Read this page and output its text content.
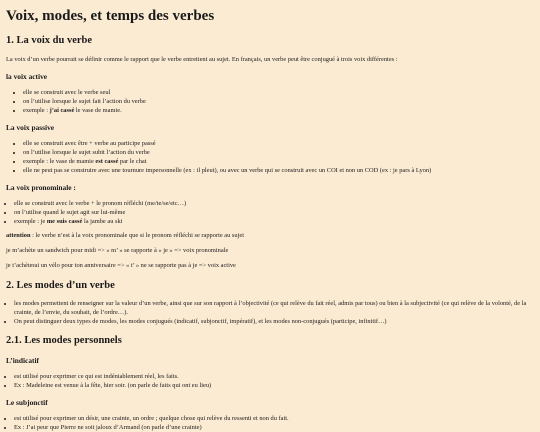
Voix, modes, et temps des verbes
1. La voix du verbe

La voix d’un verbe pourrait se définir comme le rapport que le verbe entretient au sujet. En français, un verbe peut être conjugué à trois voix différentes :

la voix active
• elle se construit avec le verbe seul
• on l’utilise lorsque le sujet fait l’action du verbe
• exemple : j’ai cassé le vase de mamie.
La voix passive
• elle se construit avec être + verbe au participe passé
• on l’utilise lorsque le sujet subit l’action du verbe
• exemple : le vase de mamie est cassé par le chat
• elle ne peut pas se construire avec une tournure impersonnelle (ex : il pleut), ou avec un verbe qui se construit avec un COI et non un COD (ex : je pars à Lyon)
La voix pronominale :
• elle se construit avec le verbe + le pronom réfléchi (me/te/se/etc…)
• on l’utilise quand le sujet agit sur lui-même
• exemple : je me suis cassé la jambe au ski

attention : le verbe n’est à la voix pronominale que si le pronom réfléchi se rapporte au sujet

je m’achète un sandwich pour midi => « m’ » se rapporte à « je » => voix pronominale

je t’achèterai un vélo pour ton anniversaire => « t’ » ne se rapporte pas à je => voix active

2. Les modes d’un verbe
• les modes permettent de renseigner sur la valeur d’un verbe, ainsi que sur son rapport à l’objectivité (ce qui relève du fait réel, admis par tous) ou bien à la subjectivité (ce qui relève de la volonté, de la crainte, de l’envie, du souhait, de l’ordre…).
• On peut distinguer deux types de modes, les modes conjugués (indicatif, subjonctif, impératif), et les modes non-conjugués (participe, infinitif…)
2.1. Les modes personnels
L’indicatif
• est utilisé pour exprimer ce qui est indéniablement réel, les faits.
• Ex : Madeleine est venue à la fête, hier soir. (on parle de faits qui ont eu lieu)
Le subjonctif
• est utilisé pour exprimer un désir, une crainte, un ordre ; quelque chose qui relève du ressenti et non du fait.
• Ex : J’ai peur que Pierre ne soit jaloux d’Armand (on parle d’une crainte)
